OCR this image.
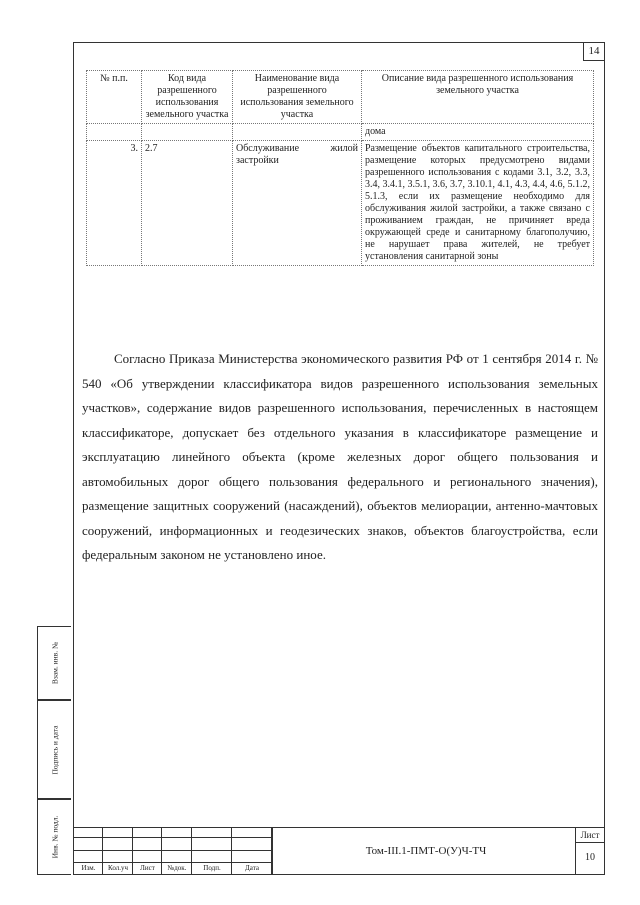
14
№ п.п.	Код вида разрешенного использования земельного участка	Наименование вида разрешенного использования земельного участка	Описание вида разрешенного использования земельного участка
			дома
3.	2.7	Обслуживание жилой застройки	Размещение объектов капитального строительства, размещение которых предусмотрено видами разрешенного использования с кодами 3.1, 3.2, 3.3, 3.4, 3.4.1, 3.5.1, 3.6, 3.7, 3.10.1, 4.1, 4.3, 4.4, 4.6, 5.1.2, 5.1.3, если их размещение необходимо для обслуживания жилой застройки, а также связано с проживанием граждан, не причиняет вреда окружающей среде и санитарному благополучию, не нарушает права жителей, не требует установления санитарной зоны
Согласно Приказа Министерства экономического развития РФ от 1 сентября 2014 г. № 540 «Об утверждении классификатора видов разрешенного использования земельных участков», содержание видов разрешенного использования, перечисленных в настоящем классификаторе, допускает без отдельного указания в классификаторе размещение и эксплуатацию линейного объекта (кроме железных дорог общего пользования и автомобильных дорог общего пользования федерального и регионального значения), размещение защитных сооружений (насаждений), объектов мелиорации, антенно-мачтовых сооружений, информационных и геодезических знаков, объектов благоустройства, если федеральным законом не установлено иное.
Изм.	Кол.уч	Лист	№док.	Подп.	Дата
Том-III.1-ПМТ-О(У)Ч-ТЧ
Лист
10
Взам. инв. №
Подпись и дата
Инв. № подл.
